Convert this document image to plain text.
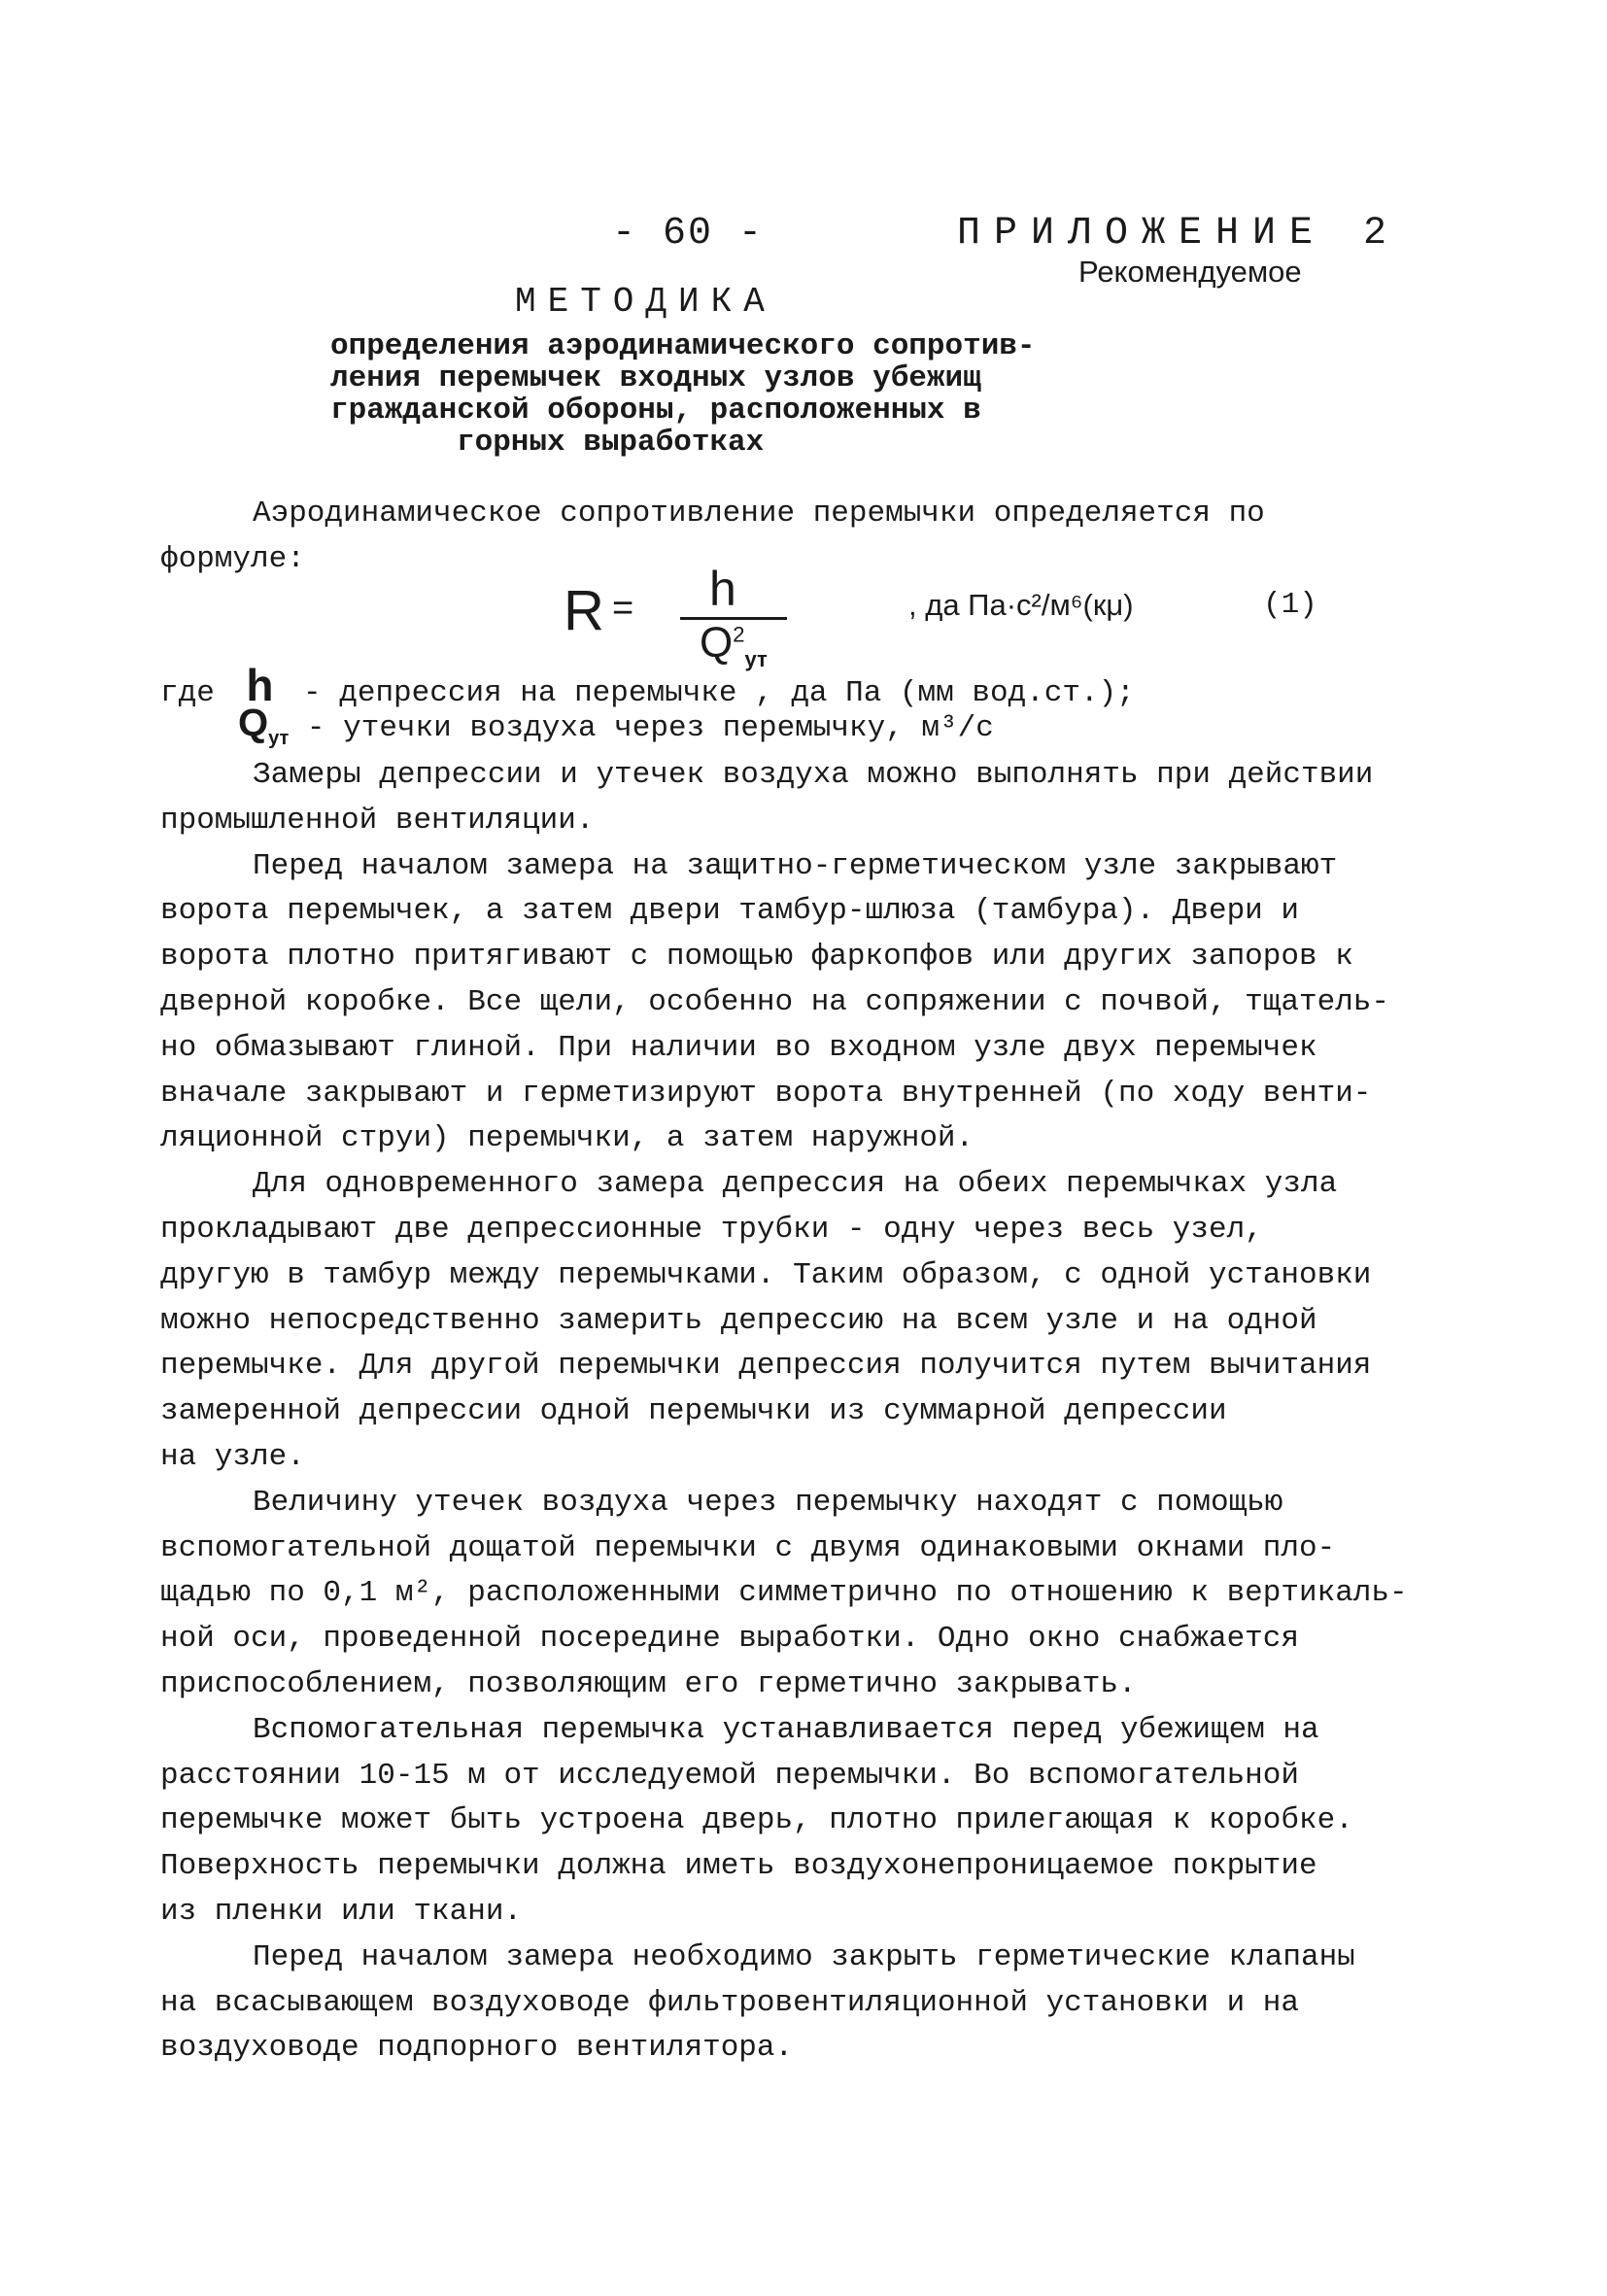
- 60 -	ПРИЛОЖЕНИЕ 2
Рекомендуемое
МЕТОДИКА
определения аэродинамического сопротив-
ления перемычек входных узлов убежищ
гражданской обороны, расположенных в
горных выработках
Аэродинамическое сопротивление перемычки определяется по
формуле:
R = h
$Q^2_{ут}$
, да Па·с²/м⁶(кμ)	(1)
где h - депрессия на перемычке , да Па (мм вод.ст.);
$Q_{ут}$ - утечки воздуха через перемычку, м³/с
Замеры депрессии и утечек воздуха можно выполнять при действии
промышленной вентиляции.
Перед началом замера на защитно-герметическом узле закрывают
ворота перемычек, а затем двери тамбур-шлюза (тамбура). Двери и
ворота плотно притягивают с помощью фаркопфов или других запоров к
дверной коробке. Все щели, особенно на сопряжении с почвой, тщатель-
но обмазывают глиной. При наличии во входном узле двух перемычек
вначале закрывают и герметизируют ворота внутренней (по ходу венти-
ляционной струи) перемычки, а затем наружной.
Для одновременного замера депрессия на обеих перемычках узла
прокладывают две депрессионные трубки - одну через весь узел,
другую в тамбур между перемычками. Таким образом, с одной установки
можно непосредственно замерить депрессию на всем узле и на одной
перемычке. Для другой перемычки депрессия получится путем вычитания
замеренной депрессии одной перемычки из суммарной депрессии
на узле.
Величину утечек воздуха через перемычку находят с помощью
вспомогательной дощатой перемычки с двумя одинаковыми окнами пло-
щадью по 0,1 м², расположенными симметрично по отношению к вертикаль-
ной оси, проведенной посередине выработки. Одно окно снабжается
приспособлением, позволяющим его герметично закрывать.
Вспомогательная перемычка устанавливается перед убежищем на
расстоянии 10-15 м от исследуемой перемычки. Во вспомогательной
перемычке может быть устроена дверь, плотно прилегающая к коробке.
Поверхность перемычки должна иметь воздухонепроницаемое покрытие
из пленки или ткани.
Перед началом замера необходимо закрыть герметические клапаны
на всасывающем воздуховоде фильтровентиляционной установки и на
воздуховоде подпорного вентилятора.
